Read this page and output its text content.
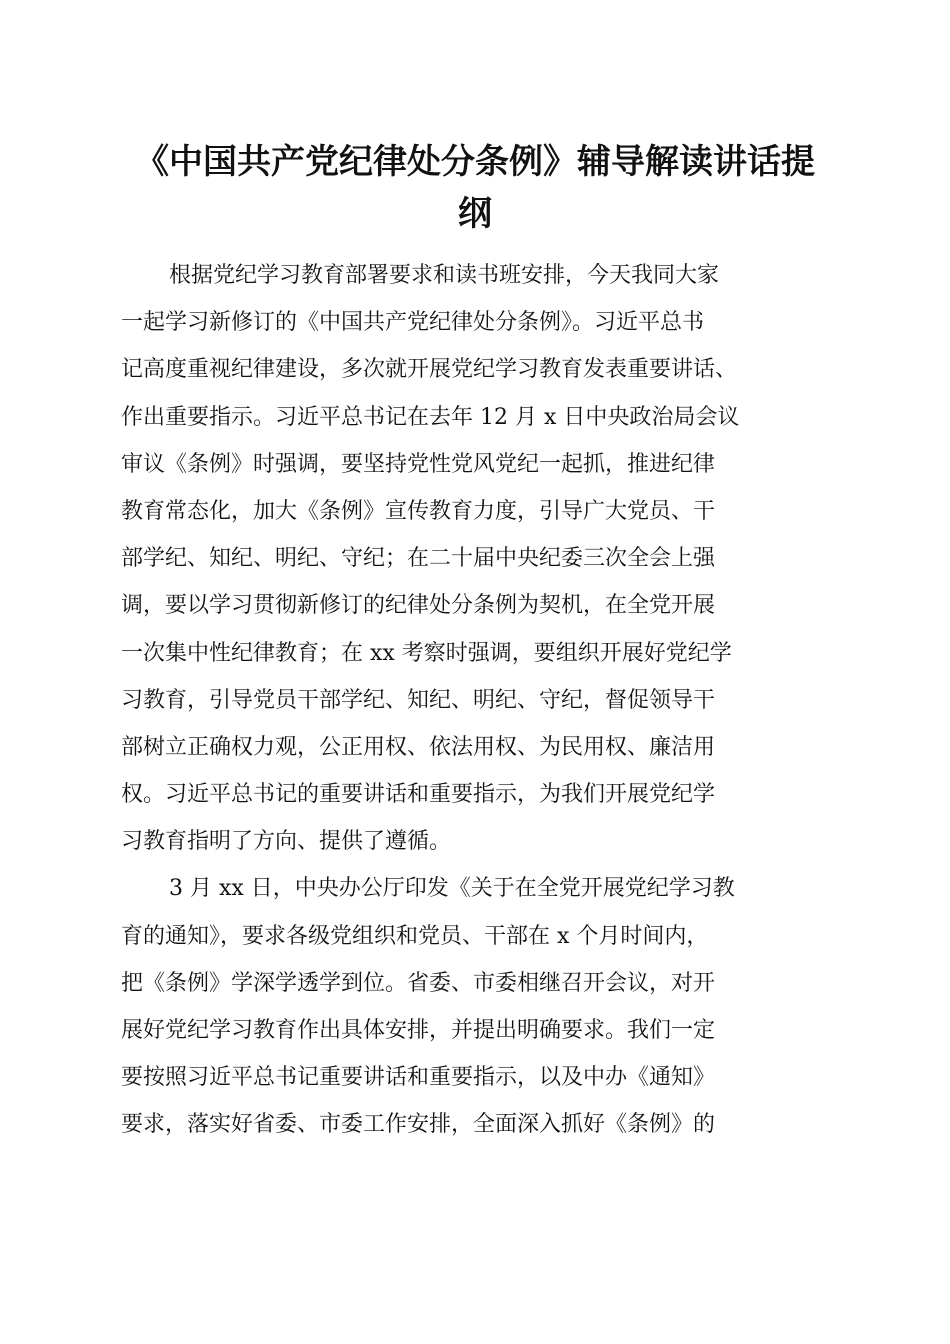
《中国共产党纪律处分条例》辅导解读讲话提
纲
根据党纪学习教育部署要求和读书班安排，今天我同大家
一起学习新修订的《中国共产党纪律处分条例》。习近平总书
记高度重视纪律建设，多次就开展党纪学习教育发表重要讲话、
作出重要指示。习近平总书记在去年 12 月 x 日中央政治局会议
审议《条例》时强调，要坚持党性党风党纪一起抓，推进纪律
教育常态化，加大《条例》宣传教育力度，引导广大党员、干
部学纪、知纪、明纪、守纪；在二十届中央纪委三次全会上强
调，要以学习贯彻新修订的纪律处分条例为契机，在全党开展
一次集中性纪律教育；在 xx 考察时强调，要组织开展好党纪学
习教育，引导党员干部学纪、知纪、明纪、守纪，督促领导干
部树立正确权力观，公正用权、依法用权、为民用权、廉洁用
权。习近平总书记的重要讲话和重要指示，为我们开展党纪学
习教育指明了方向、提供了遵循。
3 月 xx 日，中央办公厅印发《关于在全党开展党纪学习教
育的通知》，要求各级党组织和党员、干部在 x 个月时间内，
把《条例》学深学透学到位。省委、市委相继召开会议，对开
展好党纪学习教育作出具体安排，并提出明确要求。我们一定
要按照习近平总书记重要讲话和重要指示，以及中办《通知》
要求，落实好省委、市委工作安排，全面深入抓好《条例》的
